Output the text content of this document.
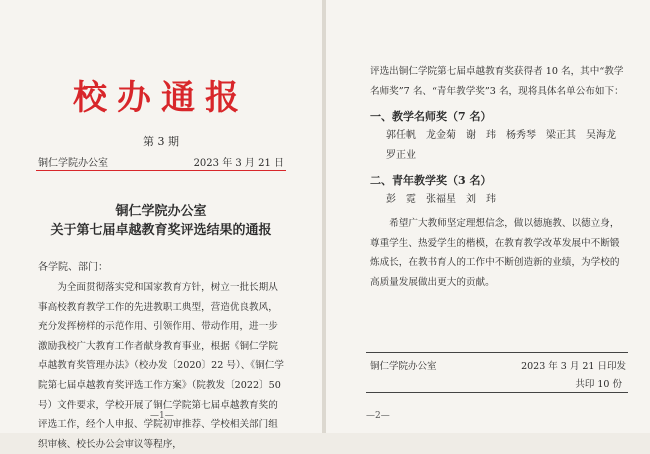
校办通报
第 3 期
铜仁学院办公室	2023 年 3 月 21 日
铜仁学院办公室
关于第七届卓越教育奖评选结果的通报
各学院、部门：
为全面贯彻落实党和国家教育方针，树立一批长期从事高校教育教学工作的先进教职工典型，营造优良教风，充分发挥榜样的示范作用、引领作用、带动作用，进一步激励我校广大教育工作者献身教育事业，根据《铜仁学院卓越教育奖管理办法》（校办发〔2020〕22 号）、《铜仁学院第七届卓越教育奖评选工作方案》（院教发〔2022〕50 号）文件要求，学校开展了铜仁学院第七届卓越教育奖的评选工作，经个人申报、学院初审推荐、学校相关部门组织审核、校长办公会审议等程序，
—1—
评选出铜仁学院第七届卓越教育奖获得者 10 名，其中“教学名师奖”7 名、“青年教学奖”3 名，现将具体名单公布如下：
一、教学名师奖（7 名）
郭任帆　龙金菊　谢　玮　杨秀琴　梁正其　吴海龙
罗正业
二、青年教学奖（3 名）
彭　霓　张福星　刘　玮
希望广大教师坚定理想信念，做以德施教、以德立身，尊重学生、热爱学生的楷模，在教育教学改革发展中不断锻炼成长，在教书育人的工作中不断创造新的业绩，为学校的高质量发展做出更大的贡献。
铜仁学院办公室	2023 年 3 月 21 日印发
共印 10 份
—2—
